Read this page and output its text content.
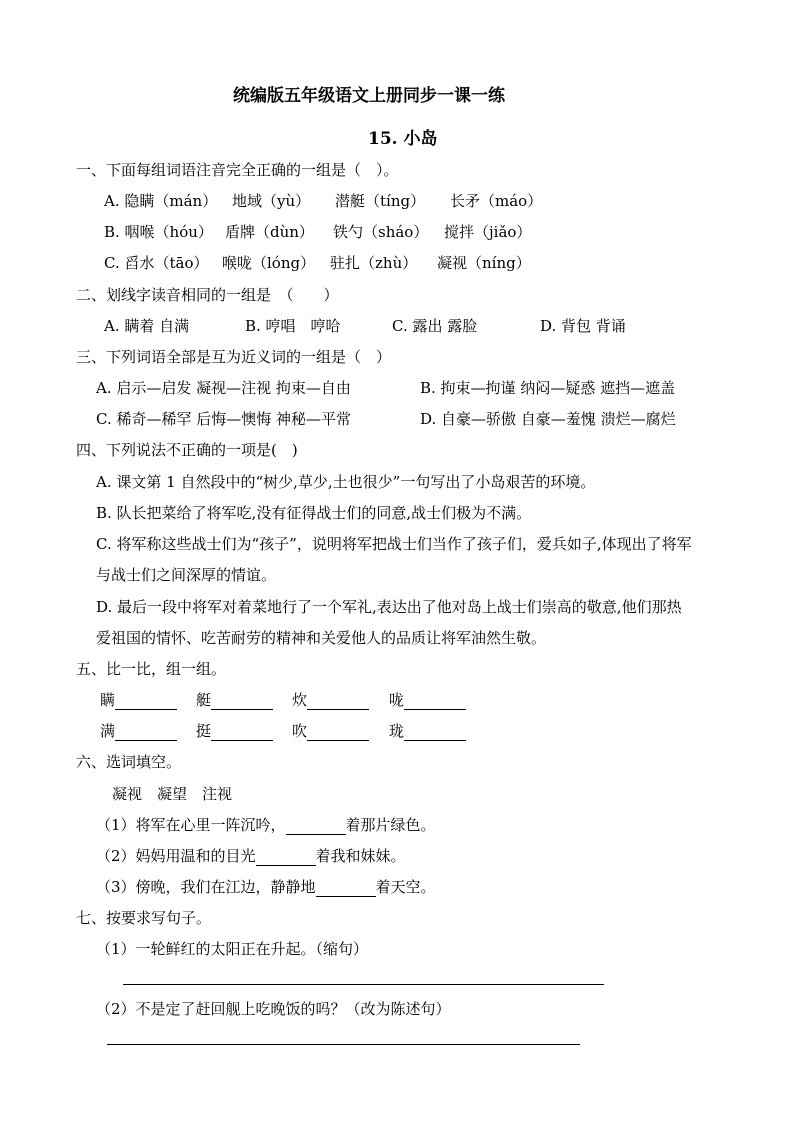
统编版五年级语文上册同步一课一练
15. 小岛
一、下面每组词语注音完全正确的一组是（　）。
A. 隐瞒（mán） 地域（yù） 潜艇（tíng） 长矛（máo）
B. 咽喉（hóu） 盾牌（dùn） 铁勺（sháo） 搅拌（jiǎo）
C. 舀水（tāo） 喉咙（lóng） 驻扎（zhù） 凝视（níng）
二、划线字读音相同的一组是　（　　）
A. 瞒着 自满	B. 哼唱　哼哈	C. 露出 露脸	D. 背包 背诵
三、下列词语全部是互为近义词的一组是（　）
A. 启示—启发 凝视—注视 拘束—自由	B. 拘束—拘谨 纳闷—疑惑 遮挡—遮盖
C. 稀奇—稀罕 后悔—懊悔 神秘—平常	D. 自豪—骄傲 自豪—羞愧 溃烂—腐烂
四、下列说法不正确的一项是(　)
A. 课文第 1 自然段中的“树少,草少,土也很少”一句写出了小岛艰苦的环境。
B. 队长把菜给了将军吃,没有征得战士们的同意,战士们极为不满。
C. 将军称这些战士们为“孩子”，说明将军把战士们当作了孩子们，爱兵如子,体现出了将军
与战士们之间深厚的情谊。
D. 最后一段中将军对着菜地行了一个军礼,表达出了他对岛上战士们崇高的敬意,他们那热
爱祖国的情怀、吃苦耐劳的精神和关爱他人的品质让将军油然生敬。
五、比一比，组一组。
瞒	艇	炊	咙
满	挺	吹	珑
六、选词填空。
凝视　凝望　注视
（1）将军在心里一阵沉吟，	着那片绿色。
（2）妈妈用温和的目光	着我和妹妹。
（3）傍晚，我们在江边，静静地	着天空。
七、按要求写句子。
（1）一轮鲜红的太阳正在升起。（缩句）
（2）不是定了赶回舰上吃晚饭的吗？（改为陈述句）
